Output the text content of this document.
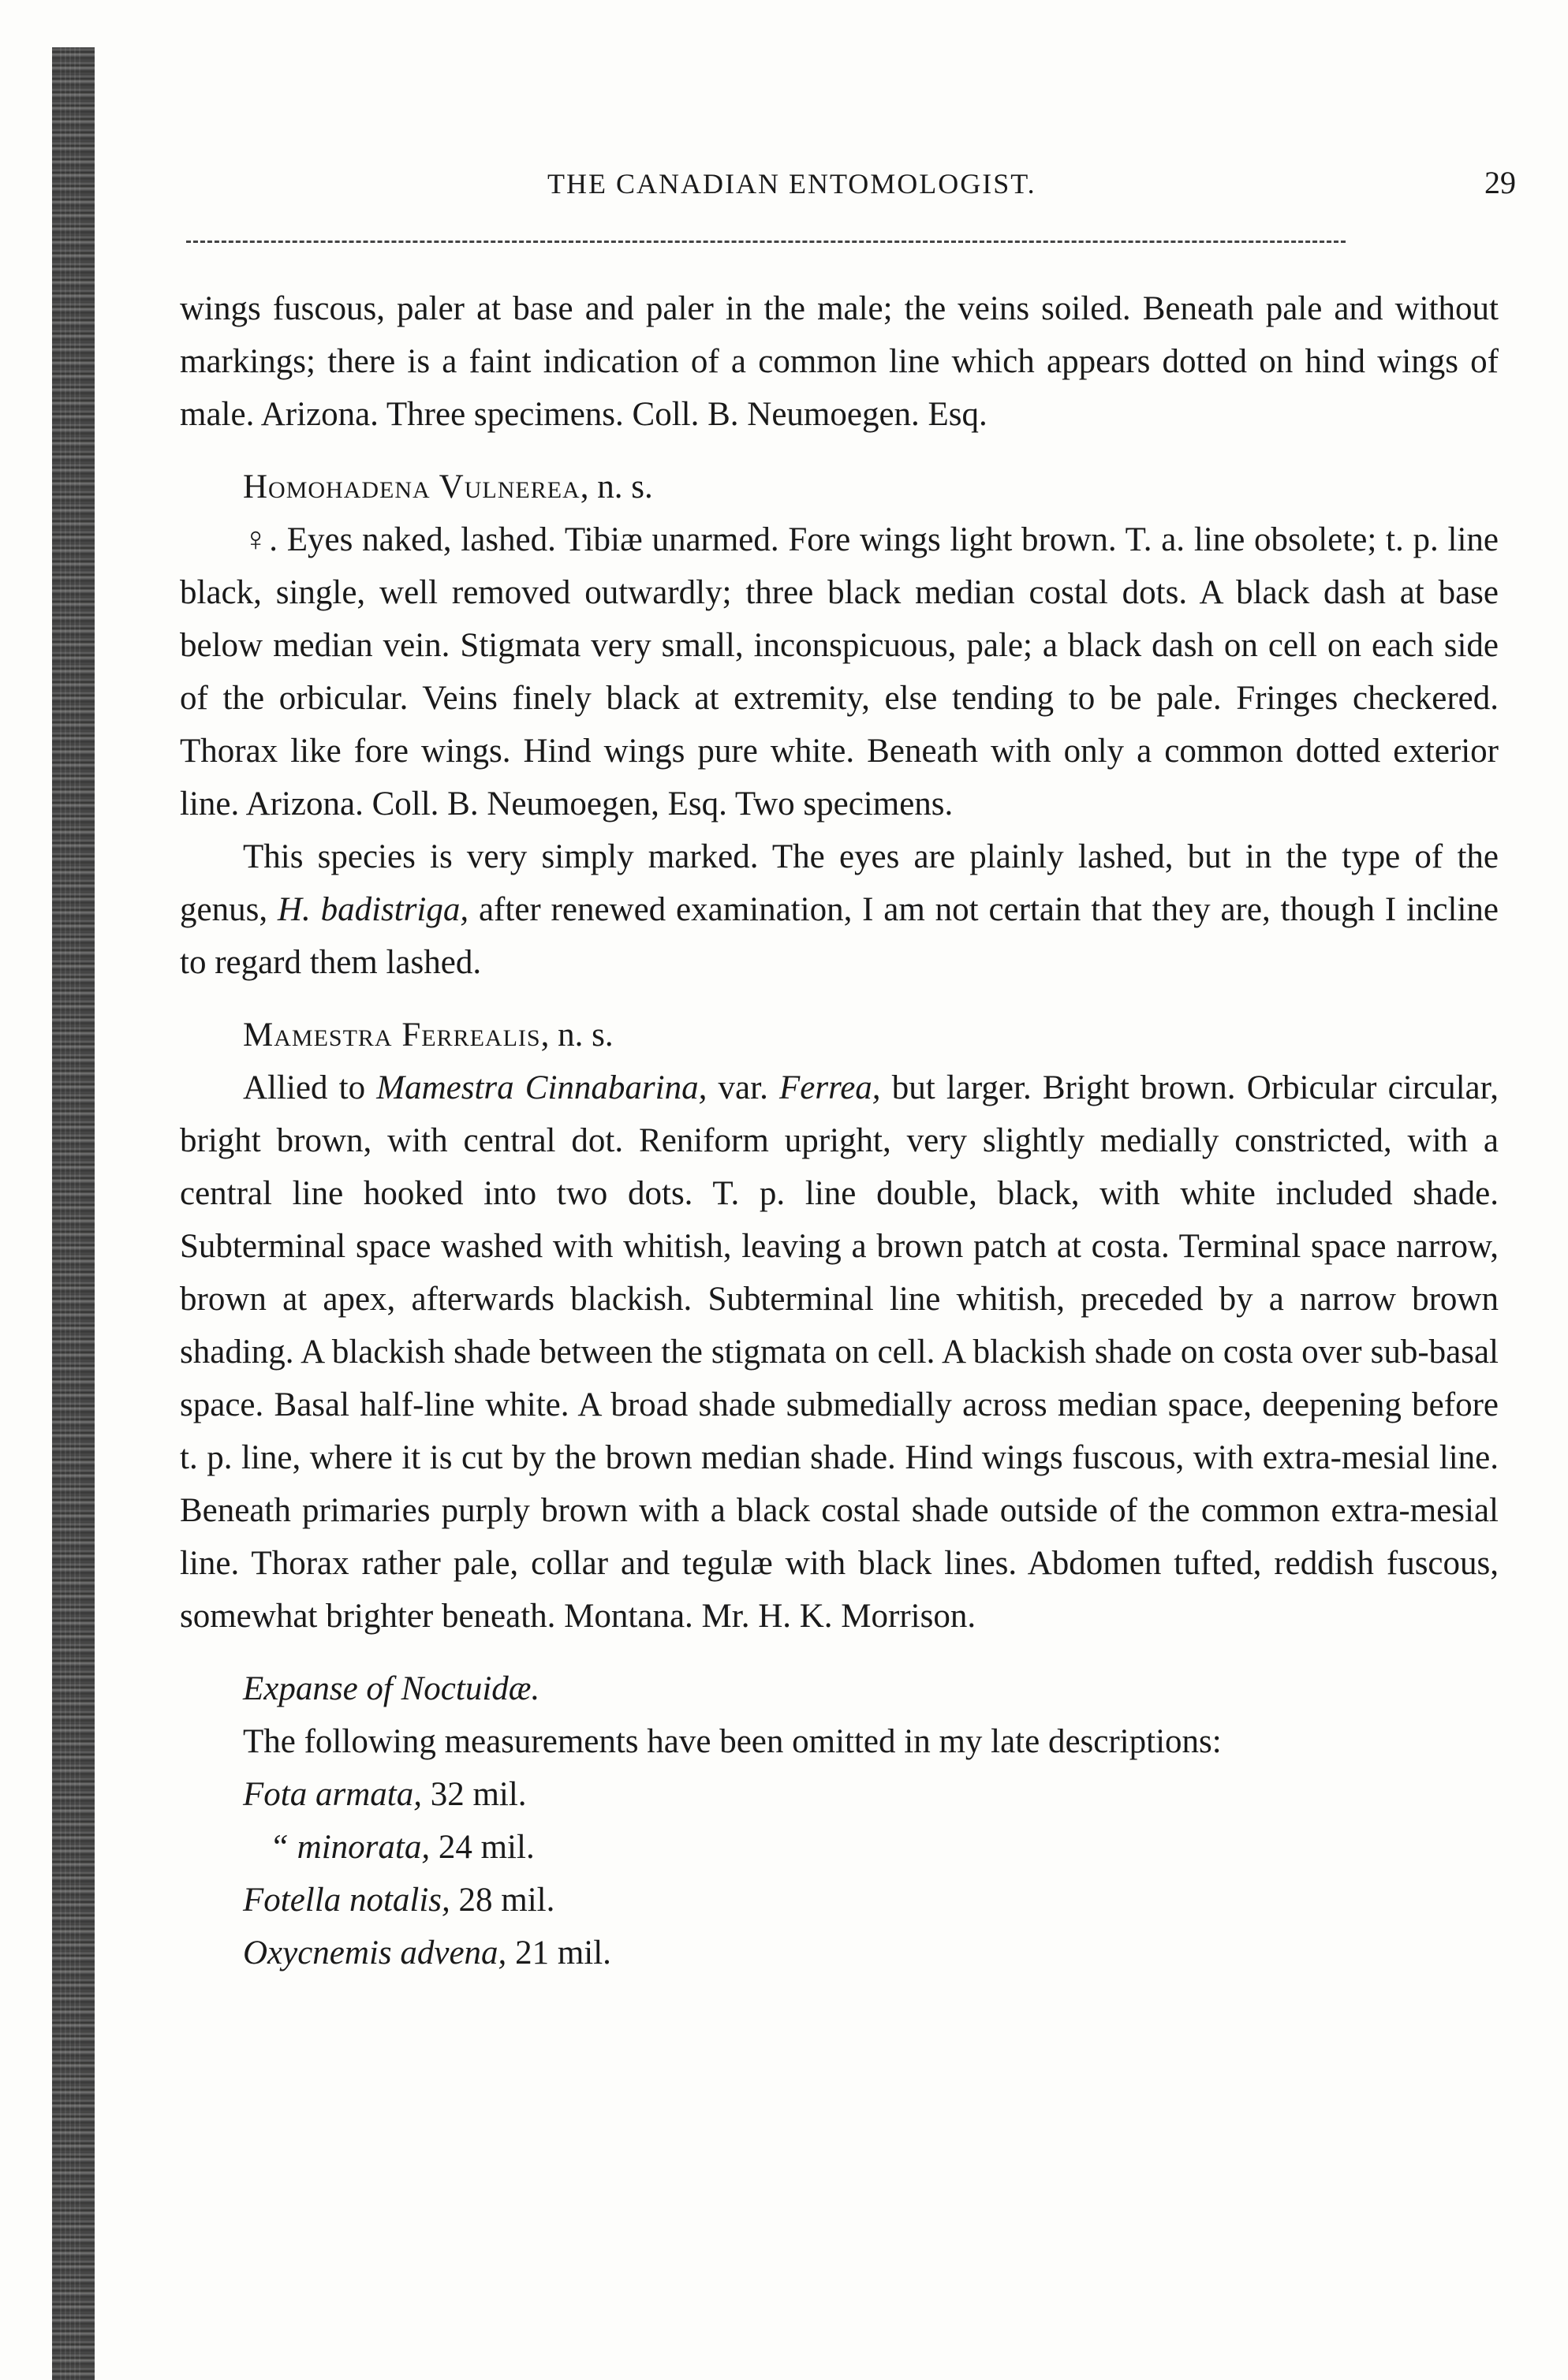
THE CANADIAN ENTOMOLOGIST.	29

wings fuscous, paler at base and paler in the male; the veins soiled. Beneath pale and without markings; there is a faint indication of a common line which appears dotted on hind wings of male. Arizona. Three specimens. Coll. B. Neumoegen. Esq.

Homohadena Vulnerea, n. s.

♀. Eyes naked, lashed. Tibiæ unarmed. Fore wings light brown. T. a. line obsolete; t. p. line black, single, well removed outwardly; three black median costal dots. A black dash at base below median vein. Stigmata very small, inconspicuous, pale; a black dash on cell on each side of the orbicular. Veins finely black at extremity, else tending to be pale. Fringes checkered. Thorax like fore wings. Hind wings pure white. Beneath with only a common dotted exterior line. Arizona. Coll. B. Neumoegen, Esq. Two specimens.

This species is very simply marked. The eyes are plainly lashed, but in the type of the genus, H. badistriga, after renewed examination, I am not certain that they are, though I incline to regard them lashed.

Mamestra Ferrealis, n. s.

Allied to Mamestra Cinnabarina, var. Ferrea, but larger. Bright brown. Orbicular circular, bright brown, with central dot. Reniform upright, very slightly medially constricted, with a central line hooked into two dots. T. p. line double, black, with white included shade. Subterminal space washed with whitish, leaving a brown patch at costa. Terminal space narrow, brown at apex, afterwards blackish. Subterminal line whitish, preceded by a narrow brown shading. A blackish shade between the stigmata on cell. A blackish shade on costa over sub-basal space. Basal half-line white. A broad shade submedially across median space, deepening before t. p. line, where it is cut by the brown median shade. Hind wings fuscous, with extra-mesial line. Beneath primaries purply brown with a black costal shade outside of the common extra-mesial line. Thorax rather pale, collar and tegulæ with black lines. Abdomen tufted, reddish fuscous, somewhat brighter beneath. Montana. Mr. H. K. Morrison.

Expanse of Noctuidæ.

The following measurements have been omitted in my late descriptions:

Fota armata, 32 mil.
“ minorata, 24 mil.
Fotella notalis, 28 mil.
Oxycnemis advena, 21 mil.
